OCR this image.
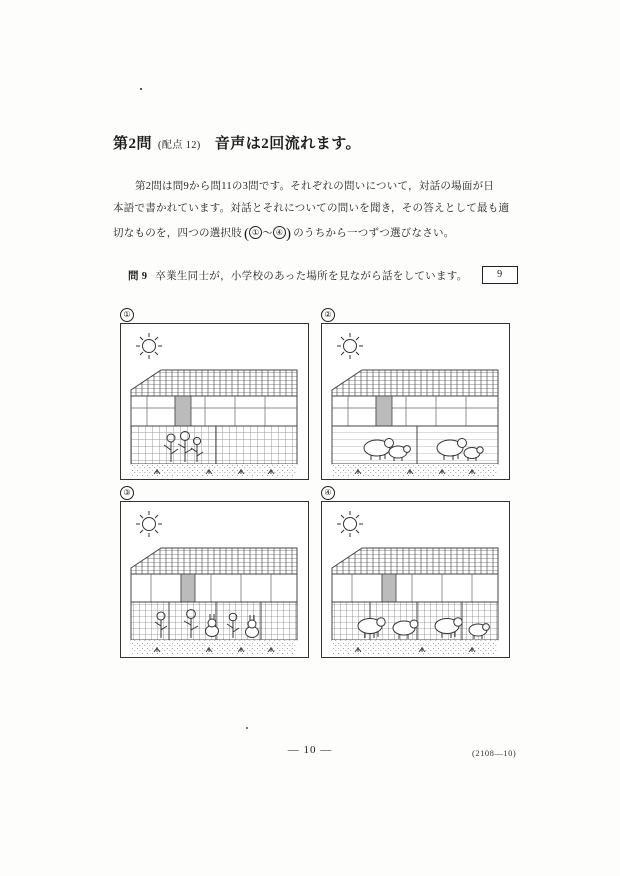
第2問 (配点 12) 音声は2回流れます。
第2問は問9から問11の3問です。それぞれの問いについて，対話の場面が日
本語で書かれています。対話とそれについての問いを聞き，その答えとして最も適
切なものを，四つの選択肢 ( ① 〜 ④ ) のうちから一つずつ選びなさい。
問 9 卒業生同士が，小学校のあった場所を見ながら話をしています。	9
①	②
③	④
— 10 —	(2108—10)
